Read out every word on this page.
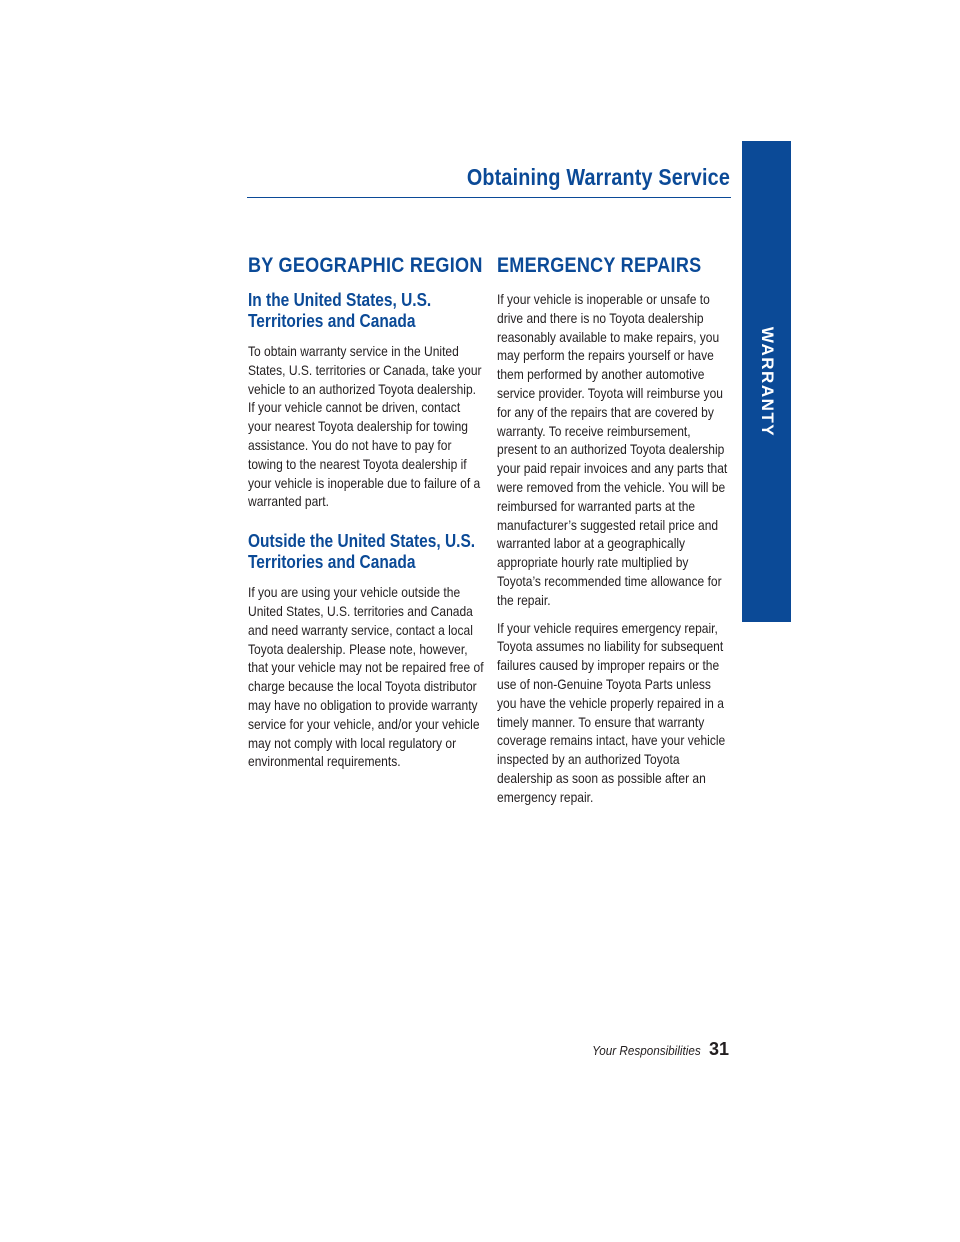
Obtaining Warranty Service
WARRANTY
BY GEOGRAPHIC REGION
In the United States, U.S. Territories and Canada

To obtain warranty service in the United States, U.S. territories or Canada, take your vehicle to an authorized Toyota dealership. If your vehicle cannot be driven, contact your nearest Toyota dealership for towing assistance. You do not have to pay for towing to the nearest Toyota dealership if your vehicle is inoperable due to failure of a warranted part.

Outside the United States, U.S. Territories and Canada

If you are using your vehicle outside the United States, U.S. territories and Canada and need warranty service, contact a local Toyota dealership. Please note, however, that your vehicle may not be repaired free of charge because the local Toyota distributor may have no obligation to provide warranty service for your vehicle, and/or your vehicle may not comply with local regulatory or environmental requirements.

EMERGENCY REPAIRS

If your vehicle is inoperable or unsafe to drive and there is no Toyota dealership reasonably available to make repairs, you may perform the repairs yourself or have them performed by another automotive service provider. Toyota will reimburse you for any of the repairs that are covered by warranty. To receive reimbursement, present to an authorized Toyota dealership your paid repair invoices and any parts that were removed from the vehicle. You will be reimbursed for warranted parts at the manufacturer’s suggested retail price and warranted labor at a geographically appropriate hourly rate multiplied by Toyota’s recommended time allowance for the repair.

If your vehicle requires emergency repair, Toyota assumes no liability for subsequent failures caused by improper repairs or the use of non-Genuine Toyota Parts unless you have the vehicle properly repaired in a timely manner. To ensure that warranty coverage remains intact, have your vehicle inspected by an authorized Toyota dealership as soon as possible after an emergency repair.

Your Responsibilities 31
